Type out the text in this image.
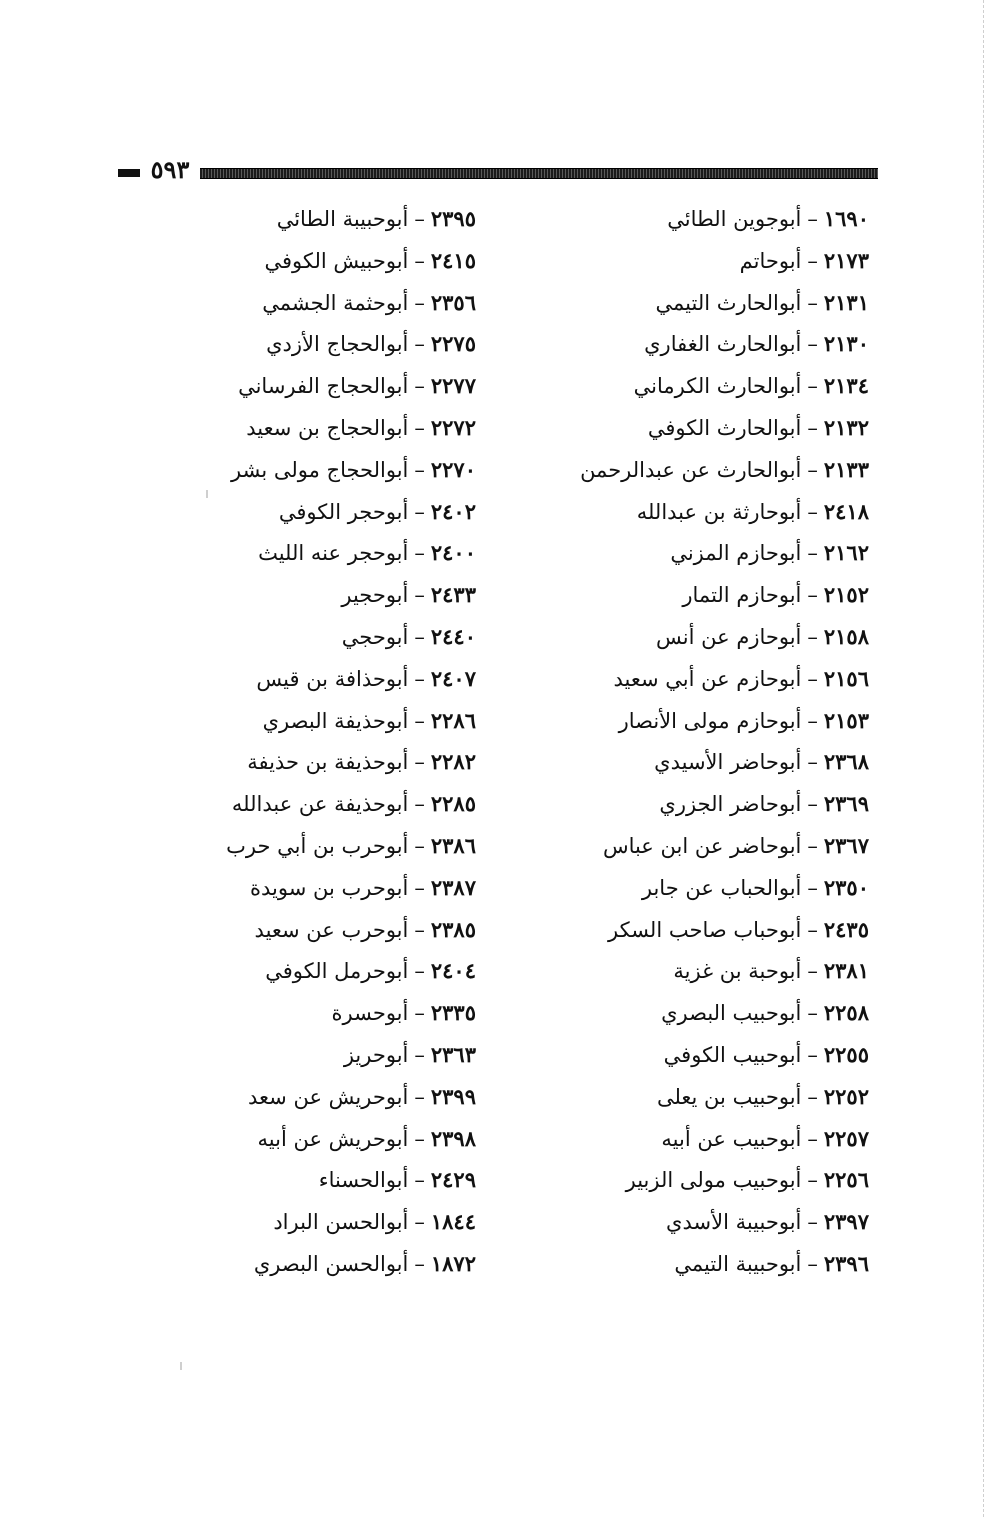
٥٩٣
١٦٩٠–أبوجوين الطائي
٢١٧٣–أبوحاتم
٢١٣١–أبوالحارث التيمي
٢١٣٠–أبوالحارث الغفاري
٢١٣٤–أبوالحارث الكرماني
٢١٣٢–أبوالحارث الكوفي
٢١٣٣–أبوالحارث عن عبدالرحمن
٢٤١٨–أبوحارثة بن عبدالله
٢١٦٢–أبوحازم المزني
٢١٥٢–أبوحازم التمار
٢١٥٨–أبوحازم عن أنس
٢١٥٦–أبوحازم عن أبي سعيد
٢١٥٣–أبوحازم مولى الأنصار
٢٣٦٨–أبوحاضر الأسيدي
٢٣٦٩–أبوحاضر الجزري
٢٣٦٧–أبوحاضر عن ابن عباس
٢٣٥٠–أبوالحباب عن جابر
٢٤٣٥–أبوحباب صاحب السكر
٢٣٨١–أبوحبة بن غزية
٢٢٥٨–أبوحبيب البصري
٢٢٥٥–أبوحبيب الكوفي
٢٢٥٢–أبوحبيب بن يعلى
٢٢٥٧–أبوحبيب عن أبيه
٢٢٥٦–أبوحبيب مولى الزبير
٢٣٩٧–أبوحبيبة الأسدي
٢٣٩٦–أبوحبيبة التيمي
٢٣٩٥–أبوحبيبة الطائي
٢٤١٥–أبوحبيش الكوفي
٢٣٥٦–أبوحثمة الجشمي
٢٢٧٥–أبوالحجاج الأزدي
٢٢٧٧–أبوالحجاج الفرساني
٢٢٧٢–أبوالحجاج بن سعيد
٢٢٧٠–أبوالحجاج مولى بشر
٢٤٠٢–أبوحجر الكوفي
٢٤٠٠–أبوحجر عنه الليث
٢٤٣٣–أبوحجير
٢٤٤٠–أبوحجي
٢٤٠٧–أبوحذافة بن قيس
٢٢٨٦–أبوحذيفة البصري
٢٢٨٢–أبوحذيفة بن حذيفة
٢٢٨٥–أبوحذيفة عن عبدالله
٢٣٨٦–أبوحرب بن أبي حرب
٢٣٨٧–أبوحرب بن سويدة
٢٣٨٥–أبوحرب عن سعيد
٢٤٠٤–أبوحرمل الكوفي
٢٣٣٥–أبوحسرة
٢٣٦٣–أبوحريز
٢٣٩٩–أبوحريش عن سعد
٢٣٩٨–أبوحريش عن أبيه
٢٤٢٩–أبوالحسناء
١٨٤٤–أبوالحسن البراد
١٨٧٢–أبوالحسن البصري
